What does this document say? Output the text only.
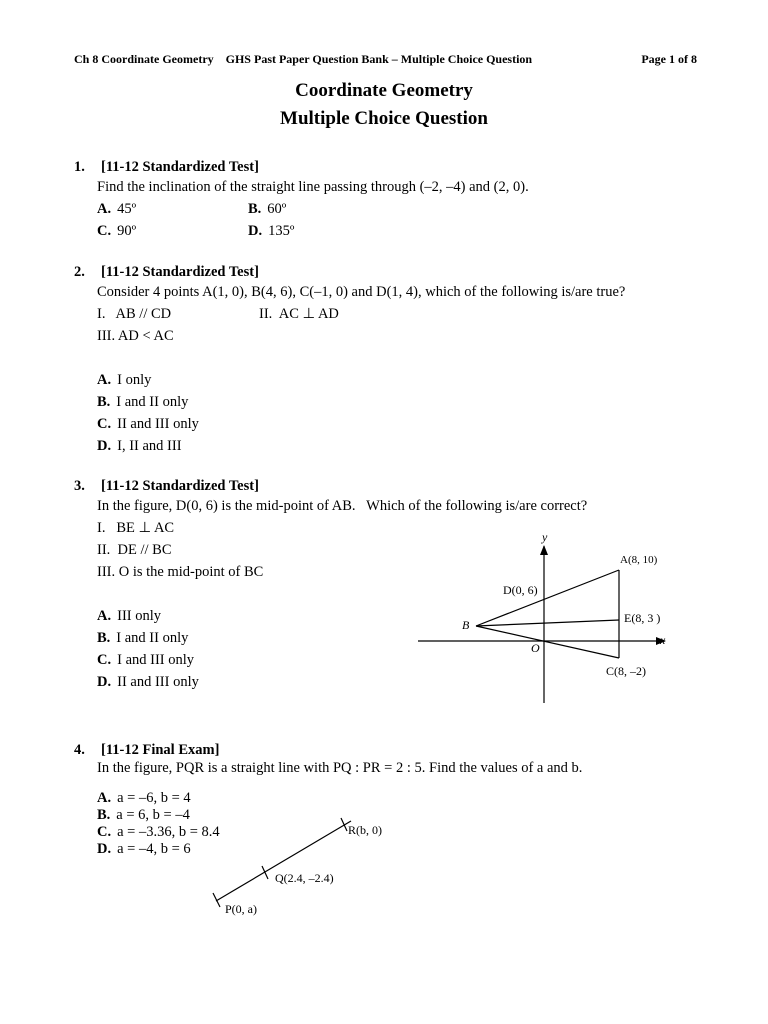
Ch 8 Coordinate Geometry    GHS Past Paper Question Bank – Multiple Choice Question	Page 1 of 8
Coordinate Geometry
Multiple Choice Question
1. [11-12 Standardized Test]
Find the inclination of the straight line passing through (–2, –4) and (2, 0).
A. 45º	B. 60º
C. 90º	D. 135º
2. [11-12 Standardized Test]
Consider 4 points A(1, 0), B(4, 6), C(–1, 0) and D(1, 4), which of the following is/are true?
I.   AB // CD	II.  AC ⊥ AD
III. AD < AC
A. I only
B. I and II only
C. II and III only
D. I, II and III
3. [11-12 Standardized Test]
In the figure, D(0, 6) is the mid-point of AB.   Which of the following is/are correct?
I.   BE ⊥ AC
II.  DE // BC
III. O is the mid-point of BC
A. III only
B. I and II only
C. I and III only
D. II and III only
y
x
A(8, 10)
D(0, 6)
B	E(8, 3 )
O
C(8, –2)
R(b, 0)
Q(2.4, –2.4)
P(0, a)
4. [11-12 Final Exam]
In the figure, PQR is a straight line with PQ : PR = 2 : 5. Find the values of a and b.
A. a = –6, b = 4
B. a = 6, b = –4
C. a = –3.36, b = 8.4
D. a = –4, b = 6
